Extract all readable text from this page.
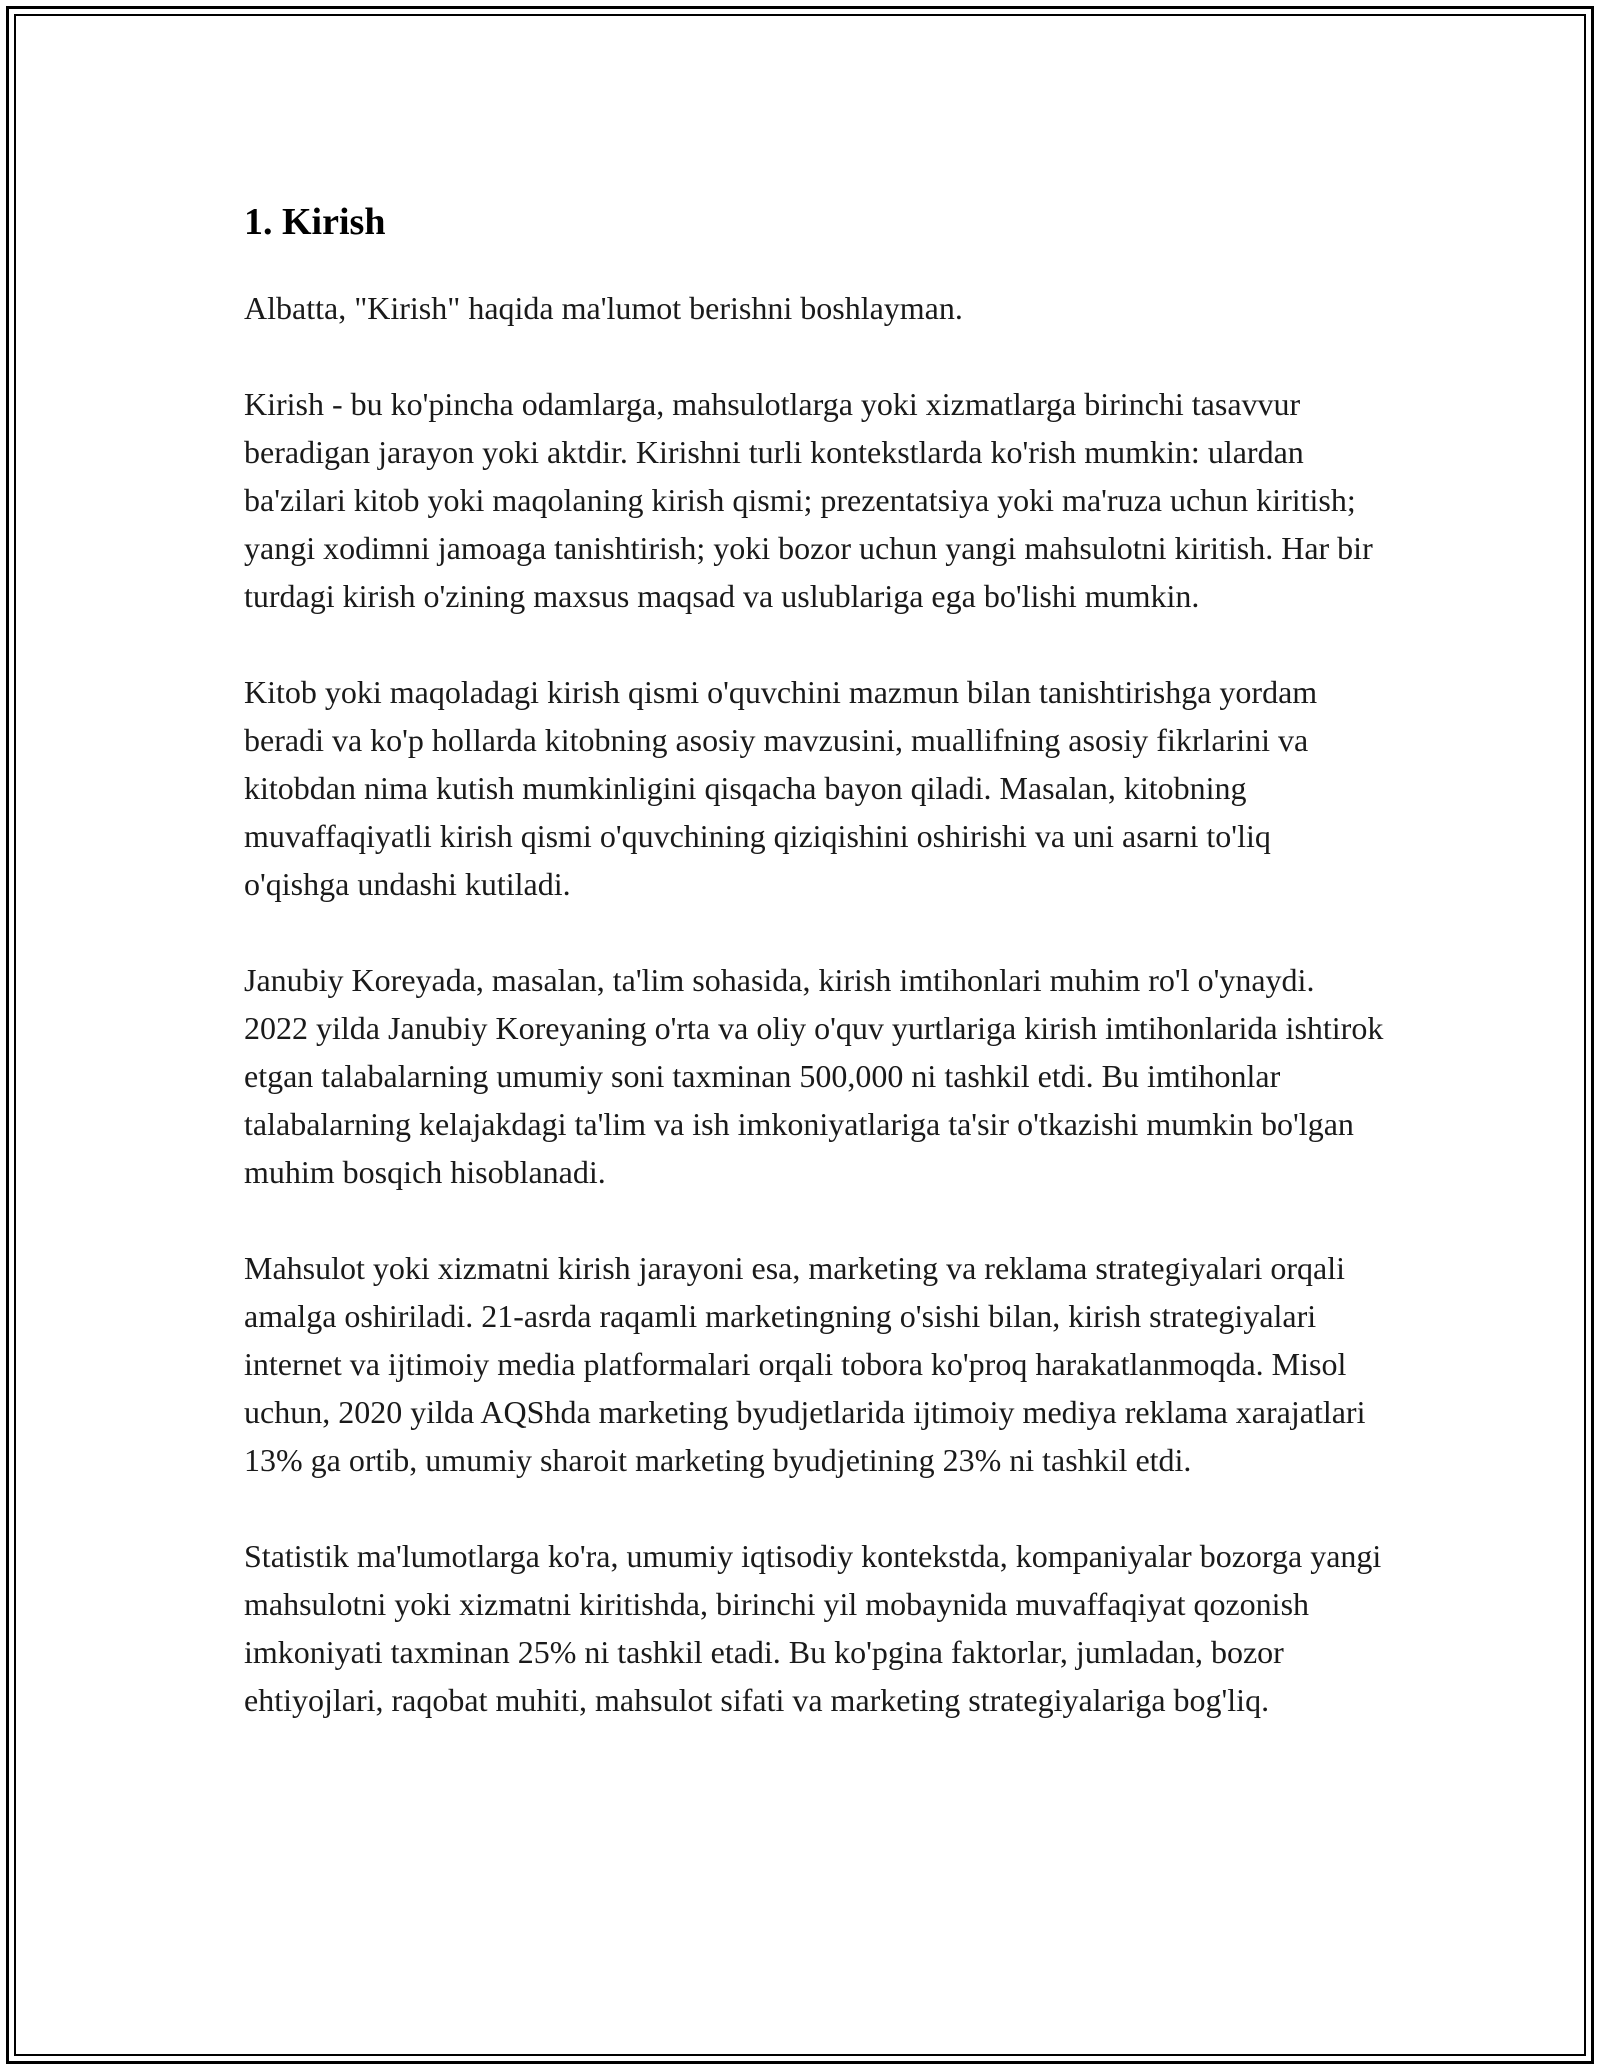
1. Kirish

Albatta, "Kirish" haqida ma'lumot berishni boshlayman.

Kirish - bu ko'pincha odamlarga, mahsulotlarga yoki xizmatlarga birinchi tasavvur beradigan jarayon yoki aktdir. Kirishni turli kontekstlarda ko'rish mumkin: ulardan ba'zilari kitob yoki maqolaning kirish qismi; prezentatsiya yoki ma'ruza uchun kiritish; yangi xodimni jamoaga tanishtirish; yoki bozor uchun yangi mahsulotni kiritish. Har bir turdagi kirish o'zining maxsus maqsad va uslublariga ega bo'lishi mumkin.

Kitob yoki maqoladagi kirish qismi o'quvchini mazmun bilan tanishtirishga yordam beradi va ko'p hollarda kitobning asosiy mavzusini, muallifning asosiy fikrlarini va kitobdan nima kutish mumkinligini qisqacha bayon qiladi. Masalan, kitobning muvaffaqiyatli kirish qismi o'quvchining qiziqishini oshirishi va uni asarni to'liq o'qishga undashi kutiladi.

Janubiy Koreyada, masalan, ta'lim sohasida, kirish imtihonlari muhim ro'l o'ynaydi. 2022 yilda Janubiy Koreyaning o'rta va oliy o'quv yurtlariga kirish imtihonlarida ishtirok etgan talabalarning umumiy soni taxminan 500,000 ni tashkil etdi. Bu imtihonlar talabalarning kelajakdagi ta'lim va ish imkoniyatlariga ta'sir o'tkazishi mumkin bo'lgan muhim bosqich hisoblanadi.

Mahsulot yoki xizmatni kirish jarayoni esa, marketing va reklama strategiyalari orqali amalga oshiriladi. 21-asrda raqamli marketingning o'sishi bilan, kirish strategiyalari internet va ijtimoiy media platformalari orqali tobora ko'proq harakatlanmoqda. Misol uchun, 2020 yilda AQShda marketing byudjetlarida ijtimoiy mediya reklama xarajatlari 13% ga ortib, umumiy sharoit marketing byudjetining 23% ni tashkil etdi.

Statistik ma'lumotlarga ko'ra, umumiy iqtisodiy kontekstda, kompaniyalar bozorga yangi mahsulotni yoki xizmatni kiritishda, birinchi yil mobaynida muvaffaqiyat qozonish imkoniyati taxminan 25% ni tashkil etadi. Bu ko'pgina faktorlar, jumladan, bozor ehtiyojlari, raqobat muhiti, mahsulot sifati va marketing strategiyalariga bog'liq.
